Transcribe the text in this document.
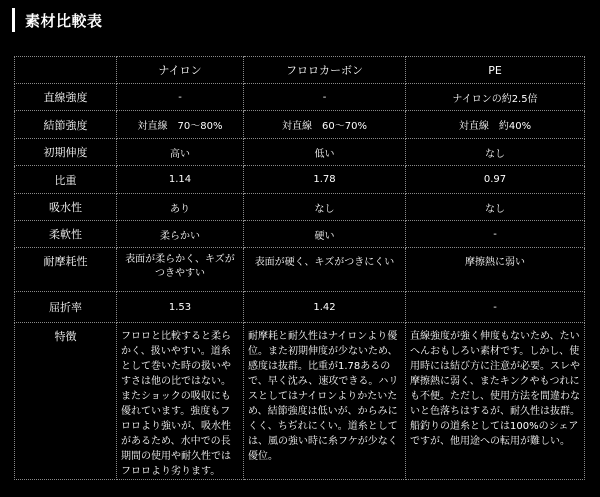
素材比較表
	ナイロン	フロロカーボン	PE
直線強度	-	-	ナイロンの約2.5倍
結節強度	対直線　70〜80%	対直線　60〜70%	対直線　約40%
初期伸度	高い	低い	なし
比重	1.14	1.78	0.97
吸水性	あり	なし	なし
柔軟性	柔らかい	硬い	-
耐摩耗性	表面が柔らかく、キズがつきやすい	表面が硬く、キズがつきにくい	摩擦熱に弱い
屈折率	1.53	1.42	-
特徴	フロロと比較すると柔らかく、扱いやすい。道糸として巻いた時の扱いやすさは他の比ではない。またショックの吸収にも優れています。強度もフロロより強いが、吸水性があるため、水中での長期間の使用や耐久性ではフロロより劣ります。	耐摩耗と耐久性はナイロンより優位。また初期伸度が少ないため、感度は抜群。比重が1.78あるので、早く沈み、速攻できる。ハリスとしてはナイロンよりかたいため、結節強度は低いが、からみにくく、ちぢれにくい。道糸としては、風の強い時に糸フケが少なく優位。	直線強度が強く伸度もないため、たいへんおもしろい素材です。しかし、使用時には結び方に注意が必要。スレや摩擦熱に弱く、またキンクやもつれにも不便。ただし、使用方法を間違わないと色落ちはするが、耐久性は抜群。船釣りの道糸としては100%のシェアですが、他用途への転用が難しい。
